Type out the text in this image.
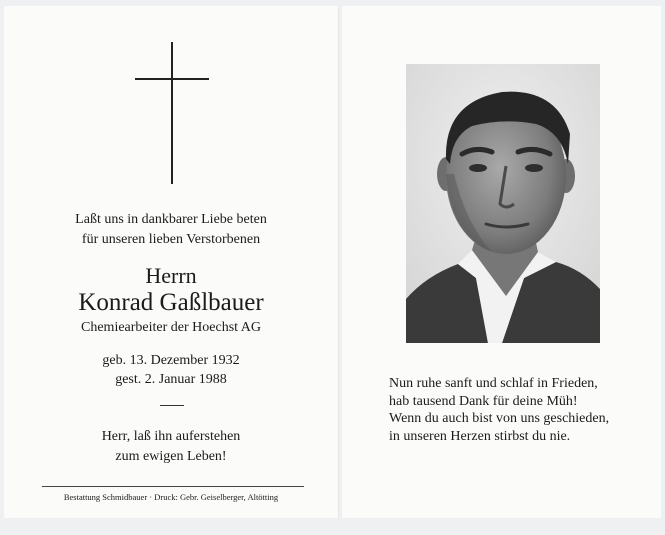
Laßt uns in dankbarer Liebe beten
für unseren lieben Verstorbenen
Herrn
Konrad Gaßlbauer
Chemiearbeiter der Hoechst AG
geb. 13. Dezember 1932
gest. 2. Januar 1988
Herr, laß ihn auferstehen
zum ewigen Leben!
Bestattung Schmidbauer · Druck: Gebr. Geiselberger, Altötting
Nun ruhe sanft und schlaf in Frieden,
hab tausend Dank für deine Müh!
Wenn du auch bist von uns geschieden,
in unseren Herzen stirbst du nie.
